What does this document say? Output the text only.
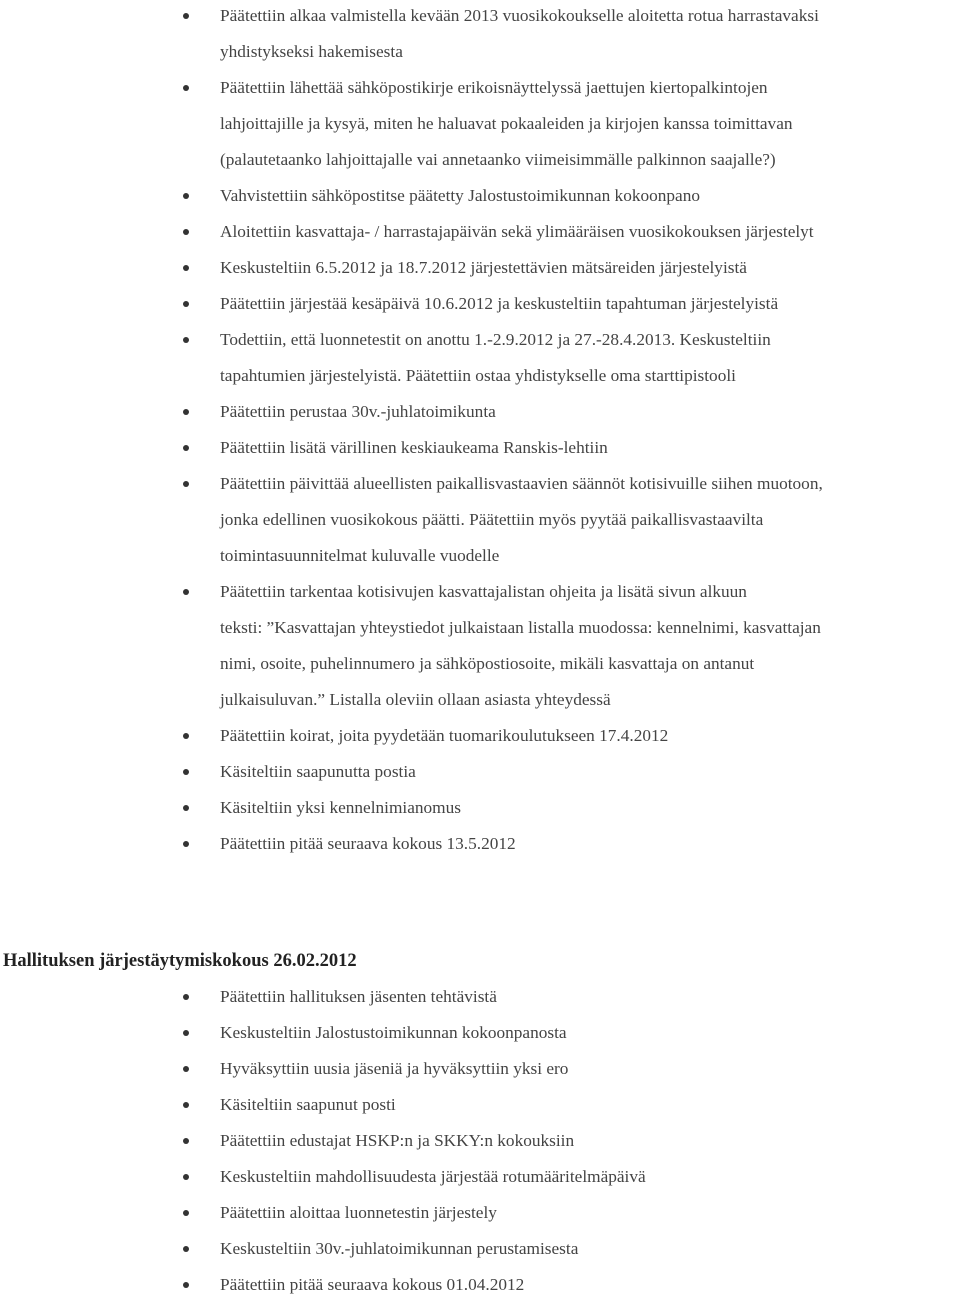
Päätettiin alkaa valmistella kevään 2013 vuosikokoukselle aloitetta rotua harrastavaksi
yhdistykseksi hakemisesta
Päätettiin lähettää sähköpostikirje erikoisnäyttelyssä jaettujen kiertopalkintojen
lahjoittajille ja kysyä, miten he haluavat pokaaleiden ja kirjojen kanssa toimittavan
(palautetaanko lahjoittajalle vai annetaanko viimeisimmälle palkinnon saajalle?)
Vahvistettiin sähköpostitse päätetty Jalostustoimikunnan kokoonpano
Aloitettiin kasvattaja- / harrastajapäivän sekä ylimääräisen vuosikokouksen järjestelyt
Keskusteltiin 6.5.2012 ja 18.7.2012 järjestettävien mätsäreiden järjestelyistä
Päätettiin järjestää kesäpäivä 10.6.2012 ja keskusteltiin tapahtuman järjestelyistä
Todettiin, että luonnetestit on anottu 1.-2.9.2012 ja 27.-28.4.2013. Keskusteltiin
tapahtumien järjestelyistä. Päätettiin ostaa yhdistykselle oma starttipistooli
Päätettiin perustaa 30v.-juhlatoimikunta
Päätettiin lisätä värillinen keskiaukeama Ranskis-lehtiin
Päätettiin päivittää alueellisten paikallisvastaavien säännöt kotisivuille siihen muotoon,
jonka edellinen vuosikokous päätti. Päätettiin myös pyytää paikallisvastaavilta
toimintasuunnitelmat kuluvalle vuodelle
Päätettiin tarkentaa kotisivujen kasvattajalistan ohjeita ja lisätä sivun alkuun
teksti: ”Kasvattajan yhteystiedot julkaistaan listalla muodossa: kennelnimi, kasvattajan
nimi, osoite, puhelinnumero ja sähköpostiosoite, mikäli kasvattaja on antanut
julkaisuluvan.” Listalla oleviin ollaan asiasta yhteydessä
Päätettiin koirat, joita pyydetään tuomarikoulutukseen 17.4.2012
Käsiteltiin saapunutta postia
Käsiteltiin yksi kennelnimianomus
Päätettiin pitää seuraava kokous 13.5.2012
Hallituksen järjestäytymiskokous 26.02.2012
Päätettiin hallituksen jäsenten tehtävistä
Keskusteltiin Jalostustoimikunnan kokoonpanosta
Hyväksyttiin uusia jäseniä ja hyväksyttiin yksi ero
Käsiteltiin saapunut posti
Päätettiin edustajat HSKP:n ja SKKY:n kokouksiin
Keskusteltiin mahdollisuudesta järjestää rotumääritelmäpäivä
Päätettiin aloittaa luonnetestin järjestely
Keskusteltiin 30v.-juhlatoimikunnan perustamisesta
Päätettiin pitää seuraava kokous 01.04.2012
